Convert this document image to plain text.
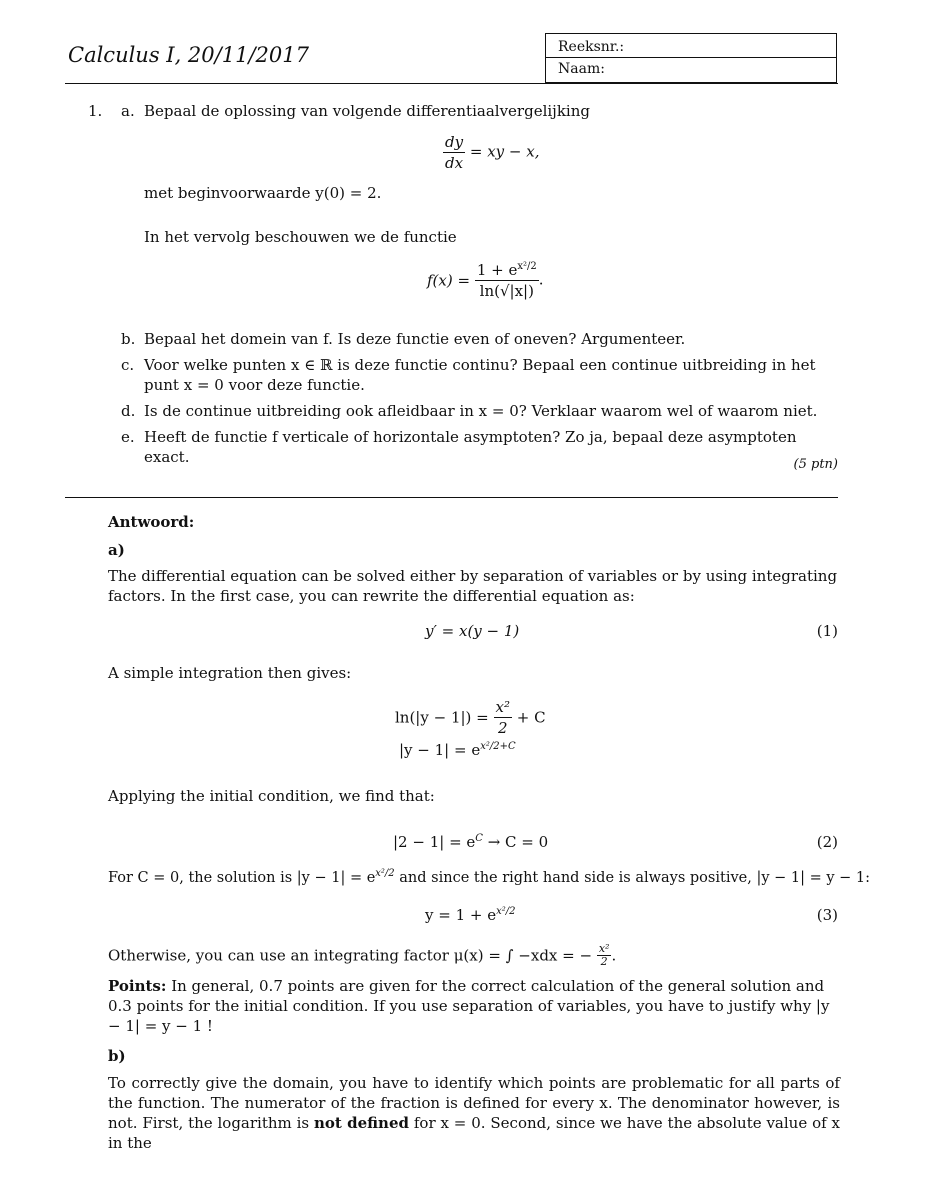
Calculus I, 20/11/2017	Reeksnr.:
Naam:
1. a. Bepaal de oplossing van volgende differentiaalvergelijking
$\frac{dy}{dx}$ = xy − x,
met beginvoorwaarde y(0) = 2.
In het vervolg beschouwen we de functie
$f(x) = \frac{1 + e^{x^2/2}}{\ln(√|x|)}$ .
b. Bepaal het domein van f. Is deze functie even of oneven? Argumenteer.
c. Voor welke punten x ∈ ℝ is deze functie continu? Bepaal een continue uitbreiding in het punt x = 0 voor deze functie.
d. Is de continue uitbreiding ook afleidbaar in x = 0? Verklaar waarom wel of waarom niet.
e. Heeft de functie f verticale of horizontale asymptoten? Zo ja, bepaal deze asymptoten exact.	(5 ptn)
Antwoord:
a)
The differential equation can be solved either by separation of variables or by using integrating factors. In the first case, you can rewrite the differential equation as:
y′ = x(y − 1)	(1)
A simple integration then gives:
$\ln(|y - 1|) = \frac{\text{x²}}{2} + C$
$|y - 1| = e^{x^2/2+C}$
Applying the initial condition, we find that:
$|2 - 1| = e^C \to C = 0$	(2)
For C = 0, the solution is $|y - 1| = e^{x^2/2}$ and since the right hand side is always positive, |y − 1| = y − 1:
$y = 1 + e^{x^2/2}$	(3)
Otherwise, you can use an integrating factor μ(x) = ∫ −xdx = − $\frac{\text{x²}}{2}$ .
Points: In general, 0.7 points are given for the correct calculation of the general solution and 0.3 points for the initial condition. If you use separation of variables, you have to justify why |y − 1| = y − 1 !
b)
To correctly give the domain, you have to identify which points are problematic for all parts of the function. The numerator of the fraction is defined for every x. The denominator however, is not. First, the logarithm is not defined for x = 0. Second, since we have the absolute value of x in the
